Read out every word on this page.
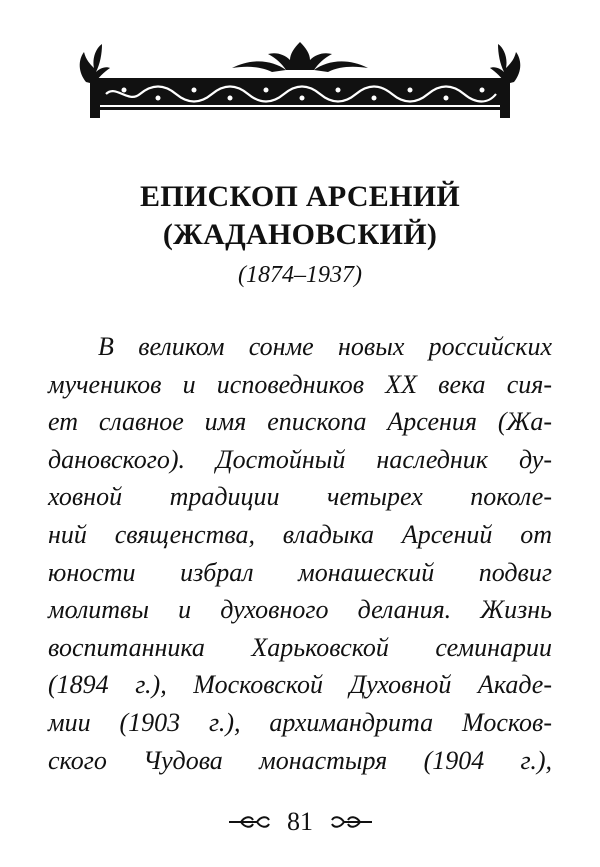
ЕПИСКОП АРСЕНИЙ
(ЖАДАНОВСКИЙ)
(1874–1937)
В великом сонме новых российских
мучеников и исповедников XX века сия-
ет славное имя епископа Арсения (Жа-
дановского). Достойный наследник ду-
ховной традиции четырех поколе-
ний священства, владыка Арсений от
юности избрал монашеский подвиг
молитвы и духовного делания. Жизнь
воспитанника Харьковской семинарии
(1894 г.), Московской Духовной Акаде-
мии (1903 г.), архимандрита Москов-
ского Чудова монастыря (1904 г.),
81
